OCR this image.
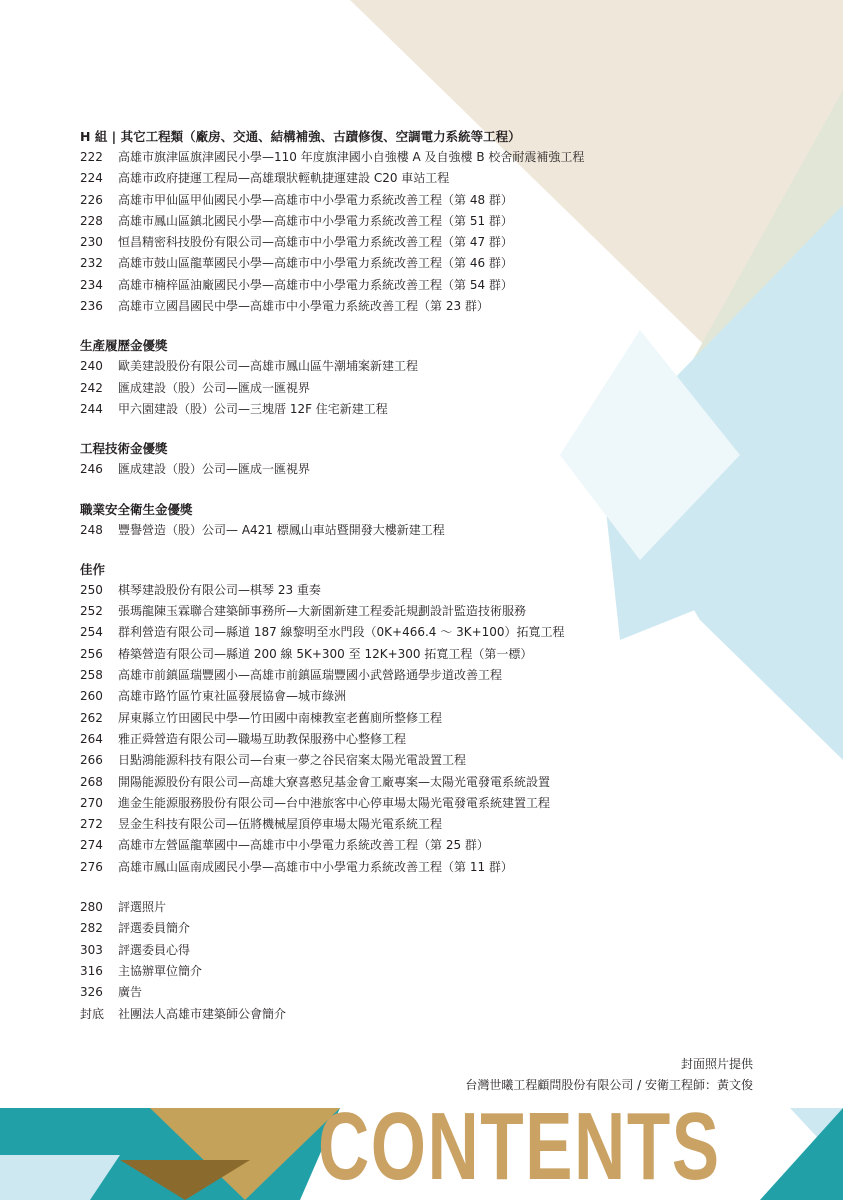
H 組 | 其它工程類（廠房、交通、結構補強、古蹟修復、空調電力系統等工程）
222 高雄市旗津區旗津國民小學—110 年度旗津國小自強樓 A 及自強樓 B 校舍耐震補強工程
224 高雄市政府捷運工程局—高雄環狀輕軌捷運建設 C20 車站工程
226 高雄市甲仙區甲仙國民小學—高雄市中小學電力系統改善工程（第 48 群）
228 高雄市鳳山區鎮北國民小學—高雄市中小學電力系統改善工程（第 51 群）
230 恒昌精密科技股份有限公司—高雄市中小學電力系統改善工程（第 47 群）
232 高雄市鼓山區龍華國民小學—高雄市中小學電力系統改善工程（第 46 群）
234 高雄市楠梓區油廠國民小學—高雄市中小學電力系統改善工程（第 54 群）
236 高雄市立國昌國民中學—高雄市中小學電力系統改善工程（第 23 群）
生產履歷金優獎
240 歐美建設股份有限公司—高雄市鳳山區牛潮埔案新建工程
242 匯成建設（股）公司—匯成一匯視界
244 甲六園建設（股）公司—三塊厝 12F 住宅新建工程
工程技術金優獎
246 匯成建設（股）公司—匯成一匯視界
職業安全衛生金優獎
248 豐譽營造（股）公司— A421 標鳳山車站暨開發大樓新建工程
佳作
250 棋琴建設股份有限公司—棋琴 23 重奏
252 張瑪龍陳玉霖聯合建築師事務所—大新園新建工程委託規劃設計監造技術服務
254 群利營造有限公司—縣道 187 線黎明至水門段（0K+466.4 ～ 3K+100）拓寬工程
256 椿築營造有限公司—縣道 200 線 5K+300 至 12K+300 拓寬工程（第一標）
258 高雄市前鎮區瑞豐國小—高雄市前鎮區瑞豐國小武營路通學步道改善工程
260 高雄市路竹區竹東社區發展協會—城市綠洲
262 屏東縣立竹田國民中學—竹田國中南棟教室老舊廁所整修工程
264 雅正舜營造有限公司—職場互助教保服務中心整修工程
266 日點鴻能源科技有限公司—台東一夢之谷民宿案太陽光電設置工程
268 開陽能源股份有限公司—高雄大寮喜憨兒基金會工廠專案—太陽光電發電系統設置
270 進金生能源服務股份有限公司—台中港旅客中心停車場太陽光電發電系統建置工程
272 昱金生科技有限公司—伍將機械屋頂停車場太陽光電系統工程
274 高雄市左營區龍華國中—高雄市中小學電力系統改善工程（第 25 群）
276 高雄市鳳山區南成國民小學—高雄市中小學電力系統改善工程（第 11 群）
280 評選照片
282 評選委員簡介
303 評選委員心得
316 主協辦單位簡介
326 廣告
封底 社團法人高雄市建築師公會簡介
封面照片提供
台灣世曦工程顧問股份有限公司 / 安衛工程師：黃文俊
CONTENTS
